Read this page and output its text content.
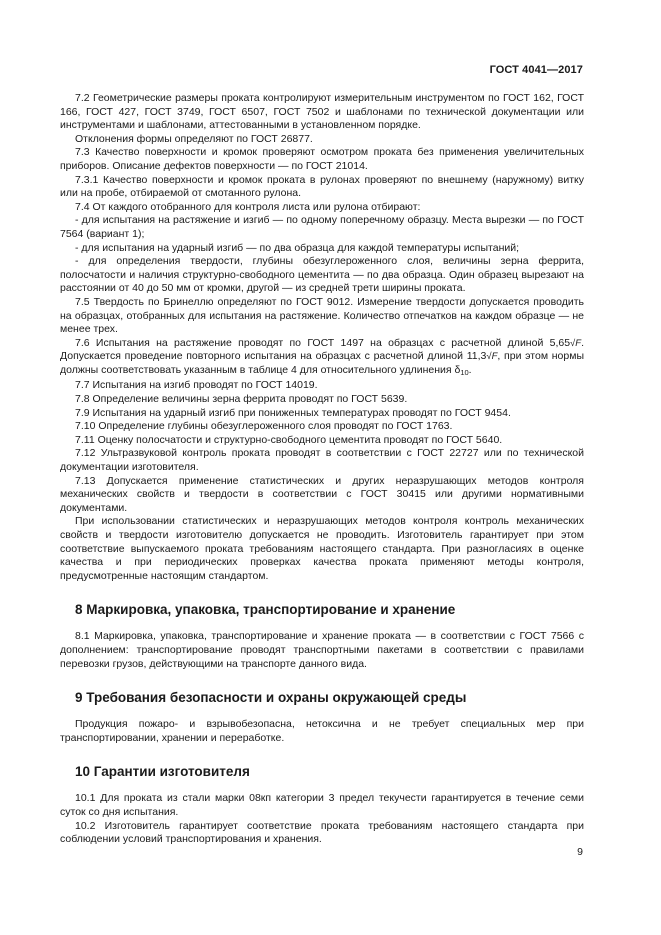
ГОСТ 4041—2017

7.2 Геометрические размеры проката контролируют измерительным инструментом по ГОСТ 162, ГОСТ 166, ГОСТ 427, ГОСТ 3749, ГОСТ 6507, ГОСТ 7502 и шаблонами по технической документации или инструментами и шаблонами, аттестованными в установленном порядке.

Отклонения формы определяют по ГОСТ 26877.

7.3 Качество поверхности и кромок проверяют осмотром проката без применения увеличительных приборов. Описание дефектов поверхности — по ГОСТ 21014.

7.3.1 Качество поверхности и кромок проката в рулонах проверяют по внешнему (наружному) витку или на пробе, отбираемой от смотанного рулона.

7.4 От каждого отобранного для контроля листа или рулона отбирают:

- для испытания на растяжение и изгиб — по одному поперечному образцу. Места вырезки — по ГОСТ 7564 (вариант 1);

- для испытания на ударный изгиб — по два образца для каждой температуры испытаний;

- для определения твердости, глубины обезуглероженного слоя, величины зерна феррита, полосчатости и наличия структурно-свободного цементита — по два образца. Один образец вырезают на расстоянии от 40 до 50 мм от кромки, другой — из средней трети ширины проката.

7.5 Твердость по Бринеллю определяют по ГОСТ 9012. Измерение твердости допускается проводить на образцах, отобранных для испытания на растяжение. Количество отпечатков на каждом образце — не менее трех.

7.6 Испытания на растяжение проводят по ГОСТ 1497 на образцах с расчетной длиной 5,65√F. Допускается проведение повторного испытания на образцах с расчетной длиной 11,3√F, при этом нормы должны соответствовать указанным в таблице 4 для относительного удлинения $\delta_{10}$.

7.7 Испытания на изгиб проводят по ГОСТ 14019.

7.8 Определение величины зерна феррита проводят по ГОСТ 5639.

7.9 Испытания на ударный изгиб при пониженных температурах проводят по ГОСТ 9454.

7.10 Определение глубины обезуглероженного слоя проводят по ГОСТ 1763.

7.11 Оценку полосчатости и структурно-свободного цементита проводят по ГОСТ 5640.

7.12 Ультразвуковой контроль проката проводят в соответствии с ГОСТ 22727 или по технической документации изготовителя.

7.13 Допускается применение статистических и других неразрушающих методов контроля механических свойств и твердости в соответствии с ГОСТ 30415 или другими нормативными документами.

При использовании статистических и неразрушающих методов контроля контроль механических свойств и твердости изготовителю допускается не проводить. Изготовитель гарантирует при этом соответствие выпускаемого проката требованиям настоящего стандарта. При разногласиях в оценке качества и при периодических проверках качества проката применяют методы контроля, предусмотренные настоящим стандартом.

8 Маркировка, упаковка, транспортирование и хранение

8.1 Маркировка, упаковка, транспортирование и хранение проката — в соответствии с ГОСТ 7566 с дополнением: транспортирование проводят транспортными пакетами в соответствии с правилами перевозки грузов, действующими на транспорте данного вида.

9 Требования безопасности и охраны окружающей среды

Продукция пожаро- и взрывобезопасна, нетоксична и не требует специальных мер при транспортировании, хранении и переработке.

10 Гарантии изготовителя

10.1 Для проката из стали марки 08кп категории 3 предел текучести гарантируется в течение семи суток со дня испытания.

10.2 Изготовитель гарантирует соответствие проката требованиям настоящего стандарта при соблюдении условий транспортирования и хранения.

9
